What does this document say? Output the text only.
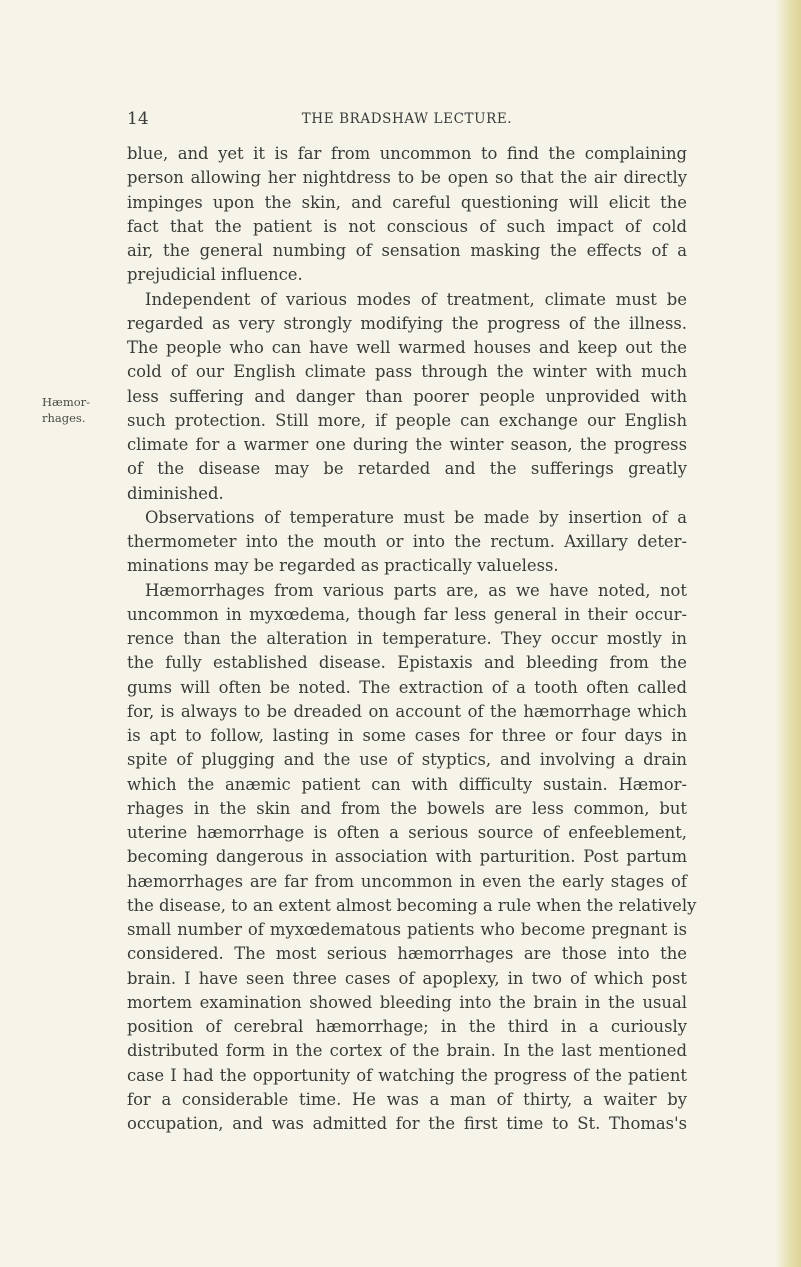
14	THE BRADSHAW LECTURE.
Hæmor-
rhages.
blue, and yet it is far from uncommon to find the complaining
person allowing her nightdress to be open so that the air directly
impinges upon the skin, and careful questioning will elicit the
fact that the patient is not conscious of such impact of cold
air, the general numbing of sensation masking the effects of a
prejudicial influence.
Independent of various modes of treatment, climate must be
regarded as very strongly modifying the progress of the illness.
The people who can have well warmed houses and keep out the
cold of our English climate pass through the winter with much
less suffering and danger than poorer people unprovided with
such protection. Still more, if people can exchange our English
climate for a warmer one during the winter season, the progress
of the disease may be retarded and the sufferings greatly
diminished.
Observations of temperature must be made by insertion of a
thermometer into the mouth or into the rectum. Axillary deter-
minations may be regarded as practically valueless.
Hæmorrhages from various parts are, as we have noted, not
uncommon in myxœdema, though far less general in their occur-
rence than the alteration in temperature. They occur mostly in
the fully established disease. Epistaxis and bleeding from the
gums will often be noted. The extraction of a tooth often called
for, is always to be dreaded on account of the hæmorrhage which
is apt to follow, lasting in some cases for three or four days in
spite of plugging and the use of styptics, and involving a drain
which the anæmic patient can with difficulty sustain. Hæmor-
rhages in the skin and from the bowels are less common, but
uterine hæmorrhage is often a serious source of enfeeblement,
becoming dangerous in association with parturition. Post partum
hæmorrhages are far from uncommon in even the early stages of
the disease, to an extent almost becoming a rule when the relatively
small number of myxœdematous patients who become pregnant is
considered. The most serious hæmorrhages are those into the
brain. I have seen three cases of apoplexy, in two of which post
mortem examination showed bleeding into the brain in the usual
position of cerebral hæmorrhage; in the third in a curiously
distributed form in the cortex of the brain. In the last mentioned
case I had the opportunity of watching the progress of the patient
for a considerable time. He was a man of thirty, a waiter by
occupation, and was admitted for the first time to St. Thomas's
